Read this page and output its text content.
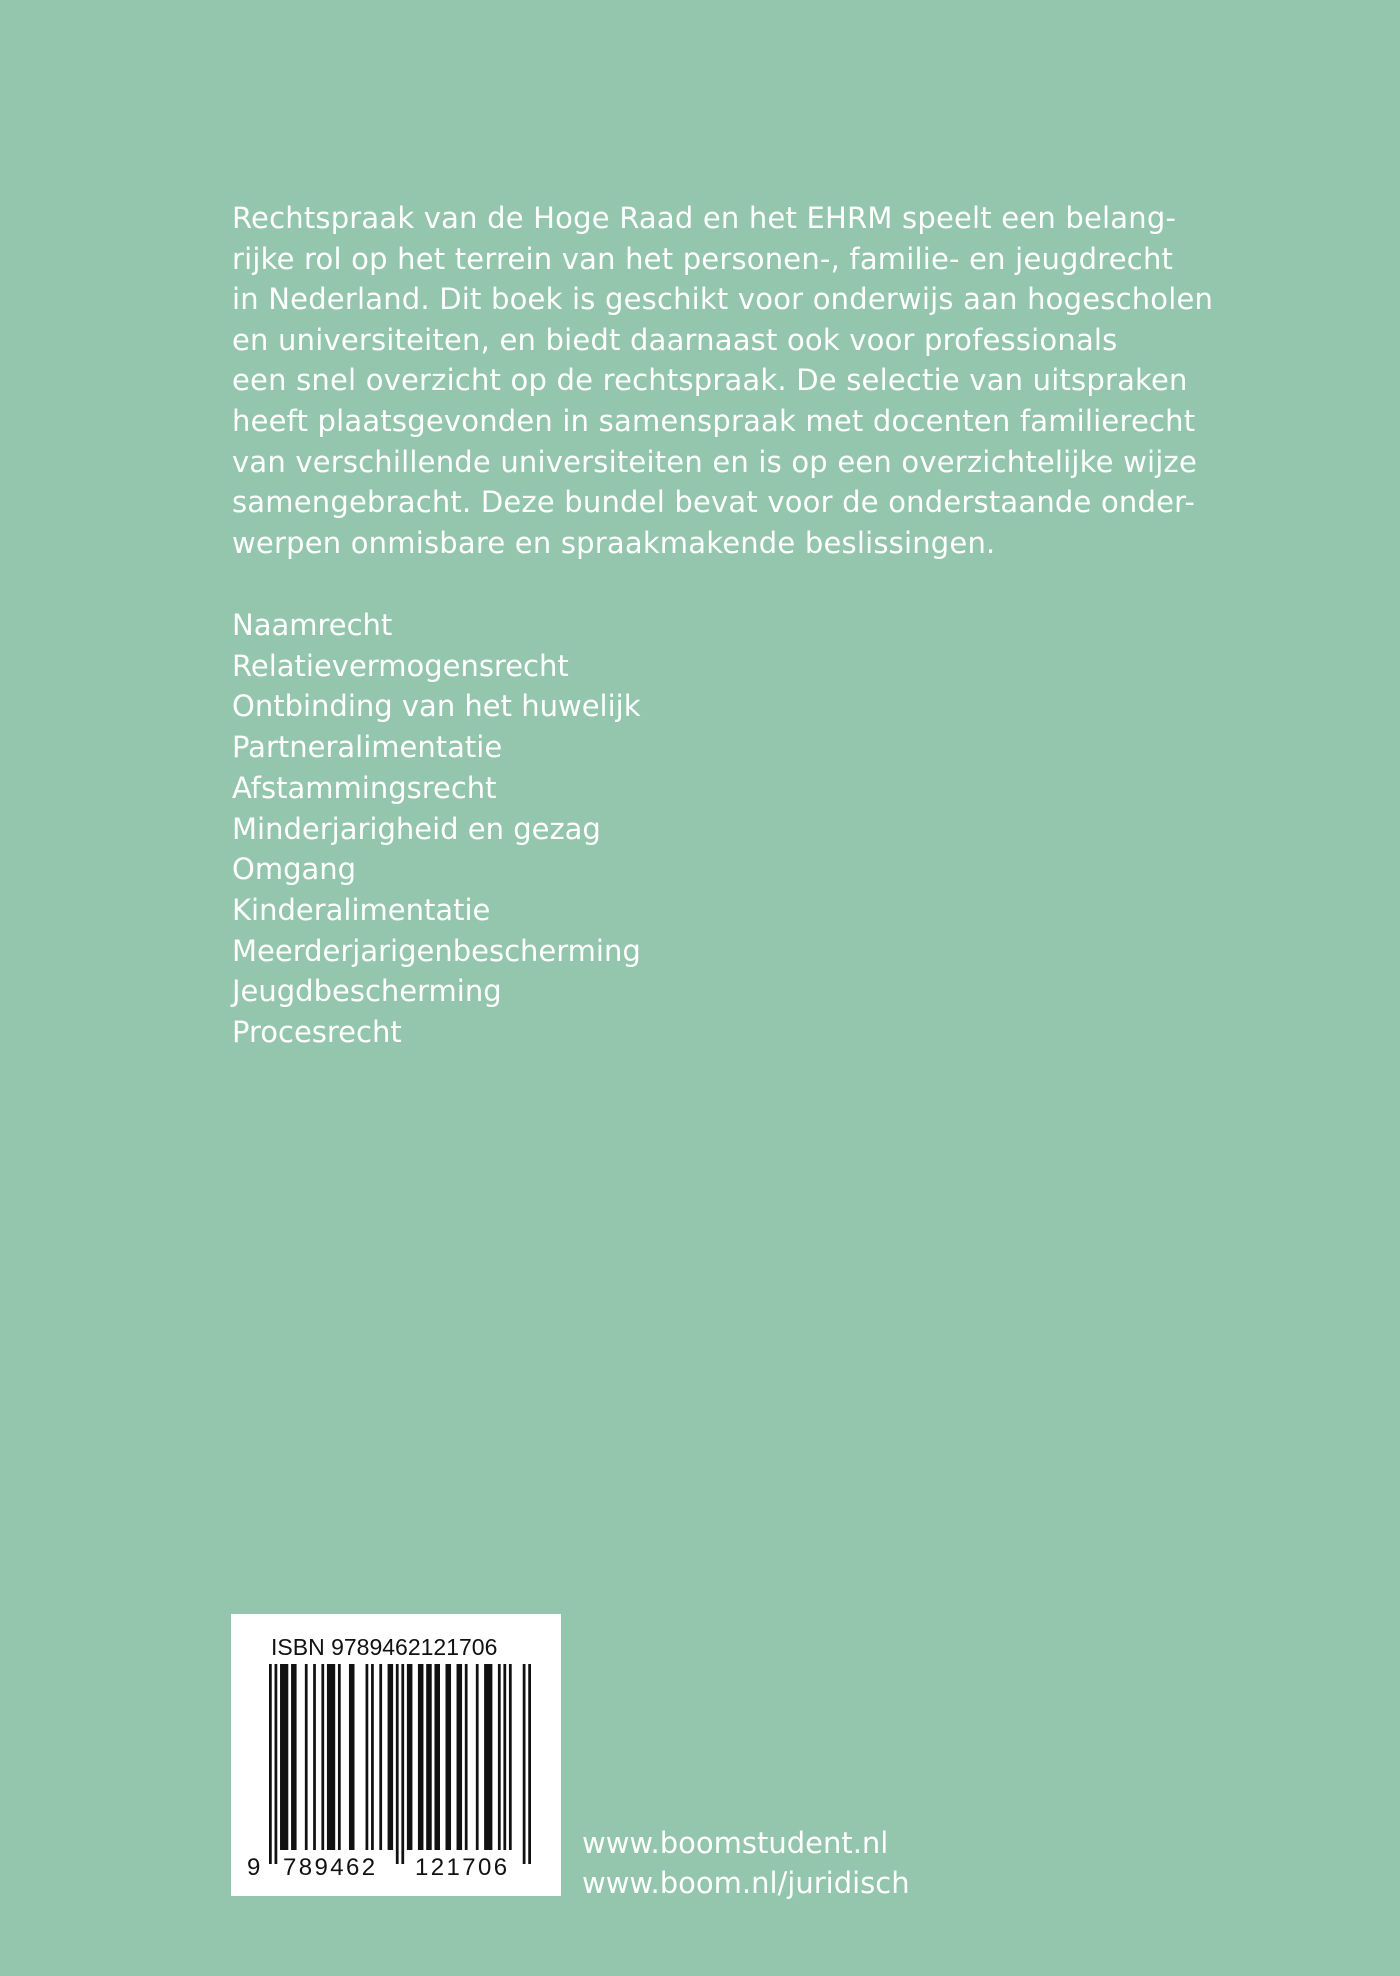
Rechtspraak van de Hoge Raad en het EHRM speelt een belang-
rijke rol op het terrein van het personen-, familie- en jeugdrecht
in Nederland. Dit boek is geschikt voor onderwijs aan hogescholen
en universiteiten, en biedt daarnaast ook voor professionals
een snel overzicht op de rechtspraak. De selectie van uitspraken
heeft plaatsgevonden in samenspraak met docenten familierecht
van verschillende universiteiten en is op een overzichtelijke wijze
samengebracht. Deze bundel bevat voor de onderstaande onder-
werpen onmisbare en spraakmakende beslissingen.
Naamrecht
Relatievermogensrecht
Ontbinding van het huwelijk
Partneralimentatie
Afstammingsrecht
Minderjarigheid en gezag
Omgang
Kinderalimentatie
Meerderjarigenbescherming
Jeugdbescherming
Procesrecht
ISBN 9789462121706
9 789462 121706
www.boomstudent.nl
www.boom.nl/juridisch
